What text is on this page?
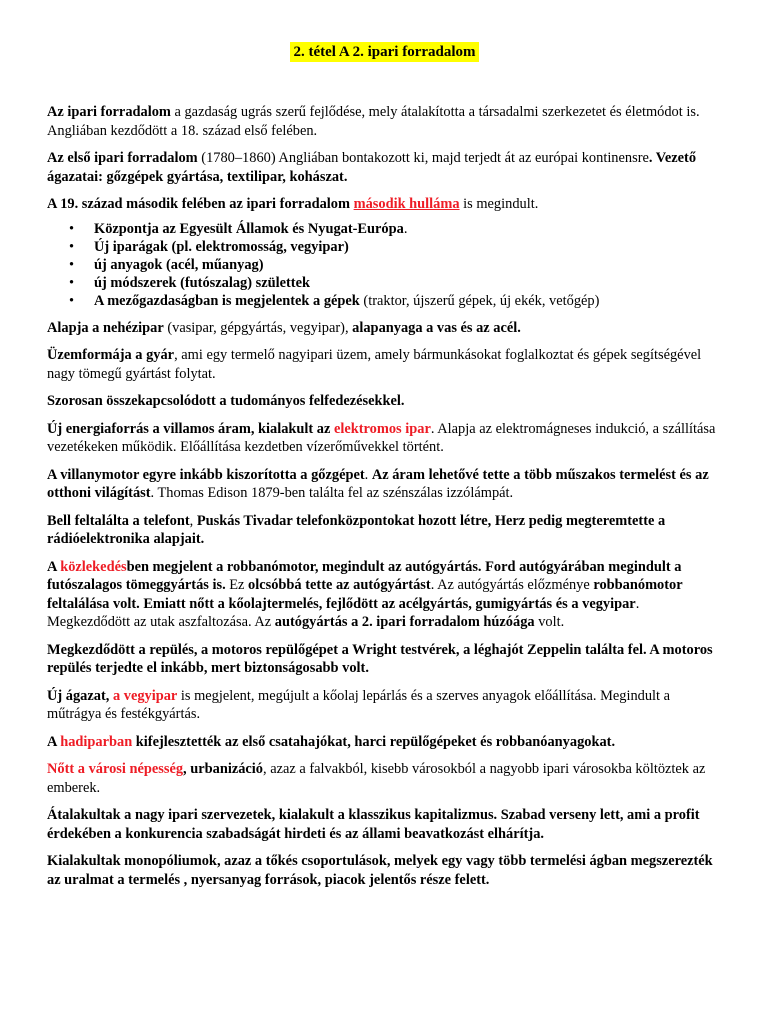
2. tétel A 2. ipari forradalom

Az ipari forradalom a gazdaság ugrás szerű fejlődése, mely átalakította a társadalmi szerkezetet és életmódot is. Angliában kezdődött a 18. század első felében.

Az első ipari forradalom (1780–1860) Angliában bontakozott ki, majd terjedt át az európai kontinensre. Vezető ágazatai: gőzgépek gyártása, textilipar, kohászat.

A 19. század második felében az ipari forradalom második hulláma is megindult.

• Központja az Egyesült Államok és Nyugat-Európa.
• Új iparágak (pl. elektromosság, vegyipar)
• új anyagok (acél, műanyag)
• új módszerek (futószalag) születtek
• A mezőgazdaságban is megjelentek a gépek (traktor, újszerű gépek, új ekék, vetőgép)

Alapja a nehézipar (vasipar, gépgyártás, vegyipar), alapanyaga a vas és az acél.

Üzemformája a gyár, ami egy termelő nagyipari üzem, amely bármunkásokat foglalkoztat és gépek segítségével nagy tömegű gyártást folytat.

Szorosan összekapcsolódott a tudományos felfedezésekkel.

Új energiaforrás a villamos áram, kialakult az elektromos ipar. Alapja az elektromágneses indukció, a szállítása vezetékeken működik. Előállítása kezdetben vízerőművekkel történt.

A villanymotor egyre inkább kiszorította a gőzgépet. Az áram lehetővé tette a több műszakos termelést és az otthoni világítást. Thomas Edison 1879-ben találta fel az szénszálas izzólámpát.

Bell feltalálta a telefont, Puskás Tivadar telefonközpontokat hozott létre, Herz pedig megteremtette a rádióelektronika alapjait.

A közlekedésben megjelent a robbanómotor, megindult az autógyártás. Ford autógyárában megindult a futószalagos tömeggyártás is. Ez olcsóbbá tette az autógyártást. Az autógyártás előzménye robbanómotor feltalálása volt. Emiatt nőtt a kőolajtermelés, fejlődött az acélgyártás, gumigyártás és a vegyipar. Megkezdődött az utak aszfaltozása. Az autógyártás a 2. ipari forradalom húzóága volt.

Megkezdődött a repülés, a motoros repülőgépet a Wright testvérek, a léghajót Zeppelin találta fel. A motoros repülés terjedte el inkább, mert biztonságosabb volt.

Új ágazat, a vegyipar is megjelent, megújult a kőolaj lepárlás és a szerves anyagok előállítása. Megindult a műtrágya és festékgyártás.

A hadiparban kifejlesztették az első csatahajókat, harci repülőgépeket és robbanóanyagokat.

Nőtt a városi népesség, urbanizáció, azaz a falvakból, kisebb városokból a nagyobb ipari városokba költöztek az emberek.

Átalakultak a nagy ipari szervezetek, kialakult a klasszikus kapitalizmus. Szabad verseny lett, ami a profit érdekében a konkurencia szabadságát hirdeti és az állami beavatkozást elhárítja.

Kialakultak monopóliumok, azaz a tőkés csoportulások, melyek egy vagy több termelési ágban megszerezték az uralmat a termelés , nyersanyag források, piacok jelentős része felett.
